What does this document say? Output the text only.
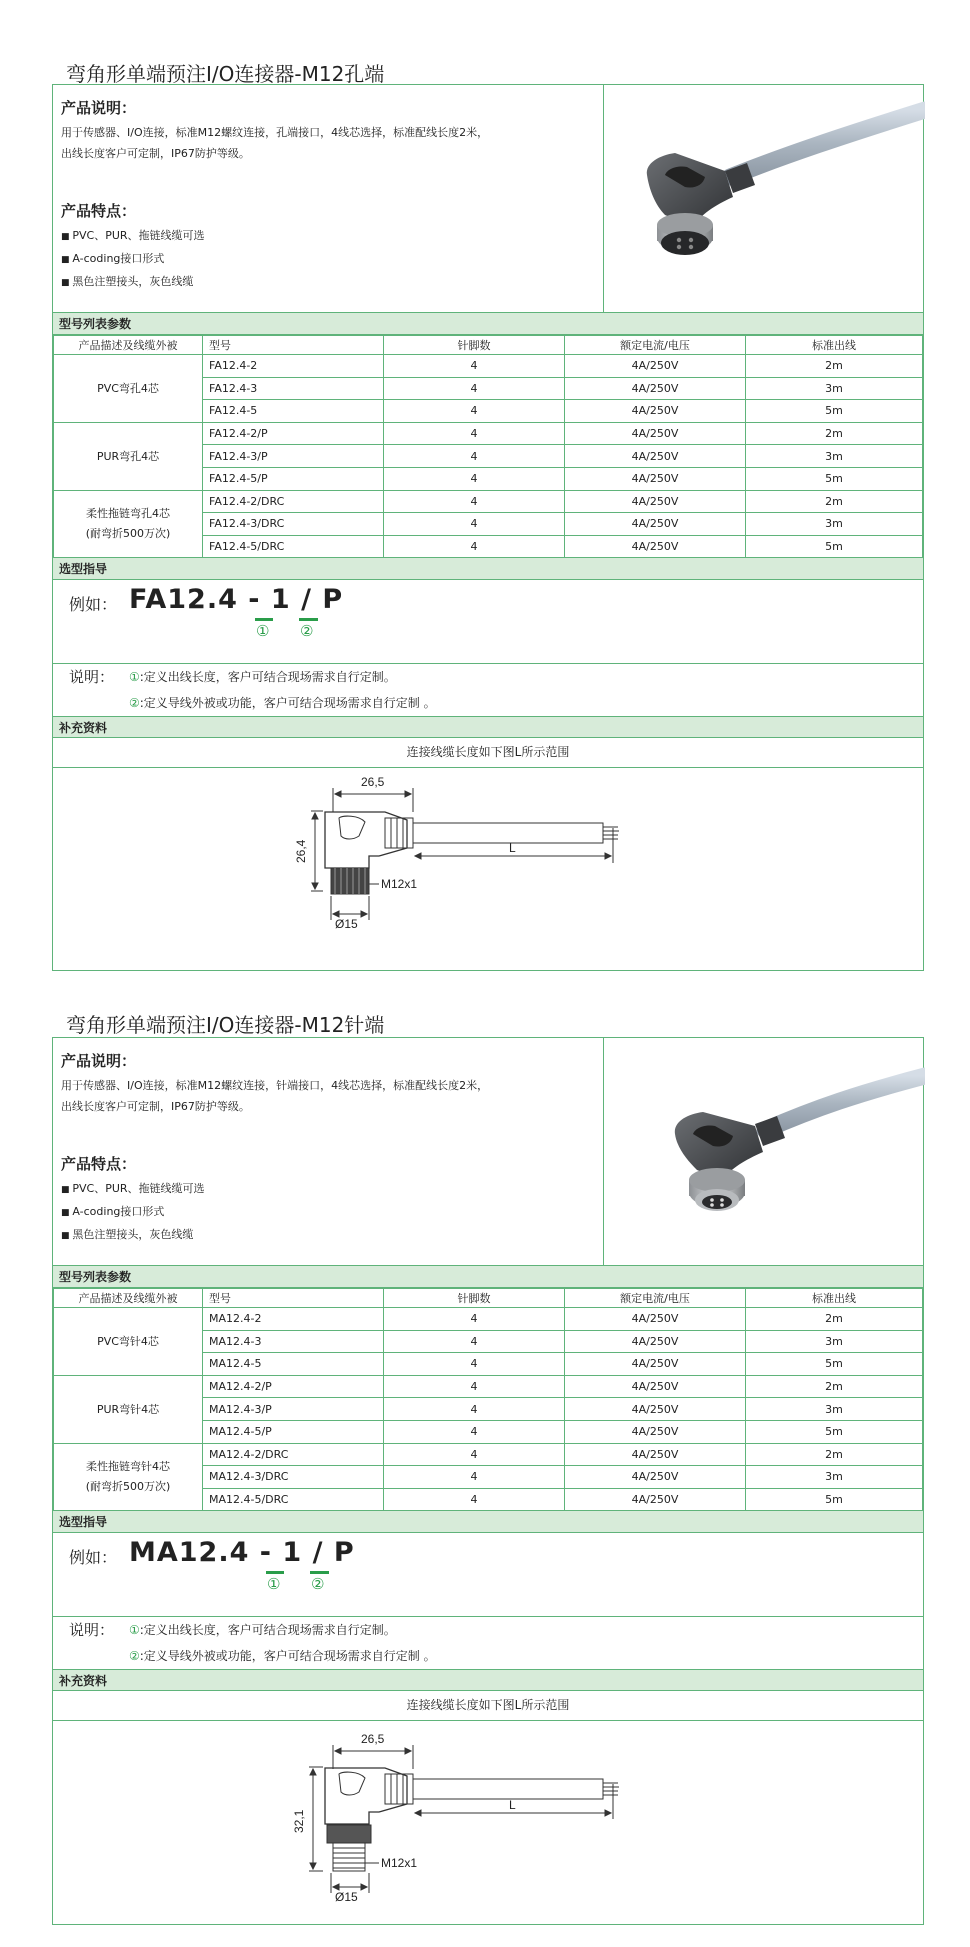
弯角形单端预注I/O连接器-M12孔端
产品说明：
用于传感器、I/O连接，标准M12螺纹连接，孔端接口，4线芯选择，标准配线长度2米，
出线长度客户可定制，IP67防护等级。
产品特点：
■ PVC、PUR、拖链线缆可选
■ A-coding接口形式
■ 黑色注塑接头，灰色线缆
型号列表参数
产品描述及线缆外被	型号	针脚数	额定电流/电压	标准出线
PVC弯孔4芯	FA12.4-2	4	4A/250V	2m
	FA12.4-3	4	4A/250V	3m
	FA12.4-5	4	4A/250V	5m
PUR弯孔4芯	FA12.4-2/P	4	4A/250V	2m
	FA12.4-3/P	4	4A/250V	3m
	FA12.4-5/P	4	4A/250V	5m
柔性拖链弯孔4芯
(耐弯折500万次)	FA12.4-2/DRC	4	4A/250V	2m
	FA12.4-3/DRC	4	4A/250V	3m
	FA12.4-5/DRC	4	4A/250V	5m
选型指导
例如： FA12.4 - 1 / P
① ②
说明： ①:定义出线长度，客户可结合现场需求自行定制。
②:定义导线外被或功能，客户可结合现场需求自行定制 。
补充资料
连接线缆长度如下图L所示范围
26,5
26,4	L
M12x1
Ø15
弯角形单端预注I/O连接器-M12针端
产品说明：
用于传感器、I/O连接，标准M12螺纹连接，针端接口，4线芯选择，标准配线长度2米，
出线长度客户可定制，IP67防护等级。
产品特点：
■ PVC、PUR、拖链线缆可选
■ A-coding接口形式
■ 黑色注塑接头，灰色线缆
型号列表参数
产品描述及线缆外被	型号	针脚数	额定电流/电压	标准出线
PVC弯针4芯	MA12.4-2	4	4A/250V	2m
	MA12.4-3	4	4A/250V	3m
	MA12.4-5	4	4A/250V	5m
PUR弯针4芯	MA12.4-2/P	4	4A/250V	2m
	MA12.4-3/P	4	4A/250V	3m
	MA12.4-5/P	4	4A/250V	5m
柔性拖链弯针4芯
(耐弯折500万次)	MA12.4-2/DRC	4	4A/250V	2m
	MA12.4-3/DRC	4	4A/250V	3m
	MA12.4-5/DRC	4	4A/250V	5m
选型指导
例如： MA12.4 - 1 / P
① ②
说明： ①:定义出线长度，客户可结合现场需求自行定制。
②:定义导线外被或功能，客户可结合现场需求自行定制 。
补充资料
连接线缆长度如下图L所示范围
26,5
32,1
L
M12x1
Ø15
